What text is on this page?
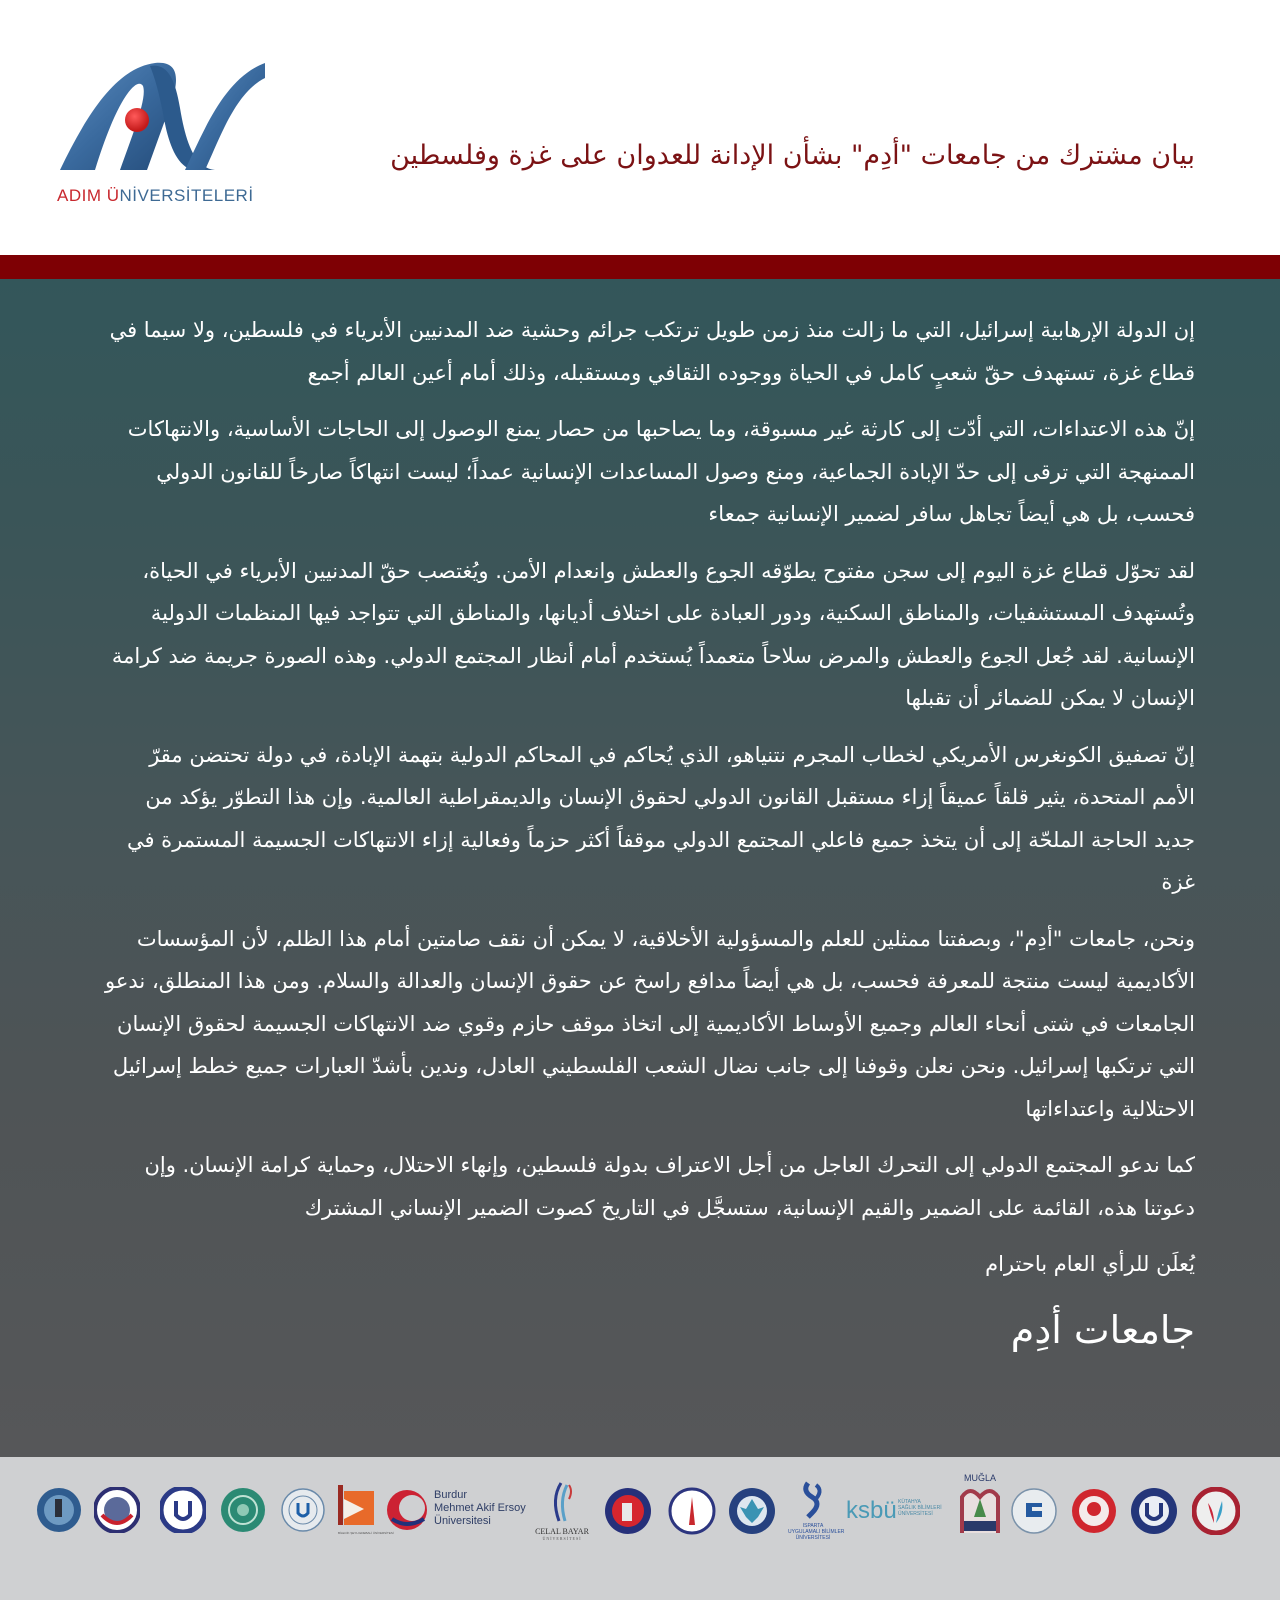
ADIM ÜNİVERSİTELERİ
بيان مشترك من جامعات "أدِم" بشأن الإدانة للعدوان على غزة وفلسطين

إن الدولة الإرهابية إسرائيل، التي ما زالت منذ زمن طويل ترتكب جرائم وحشية ضد المدنيين الأبرياء في فلسطين، ولا سيما في قطاع غزة، تستهدف حقّ شعبٍ كامل في الحياة ووجوده الثقافي ومستقبله، وذلك أمام أعين العالم أجمع

إنّ هذه الاعتداءات، التي أدّت إلى كارثة غير مسبوقة، وما يصاحبها من حصار يمنع الوصول إلى الحاجات الأساسية، والانتهاكات الممنهجة التي ترقى إلى حدّ الإبادة الجماعية، ومنع وصول المساعدات الإنسانية عمداً؛ ليست انتهاكاً صارخاً للقانون الدولي فحسب، بل هي أيضاً تجاهل سافر لضمير الإنسانية جمعاء

لقد تحوّل قطاع غزة اليوم إلى سجن مفتوح يطوّقه الجوع والعطش وانعدام الأمن. ويُغتصب حقّ المدنيين الأبرياء في الحياة، وتُستهدف المستشفيات، والمناطق السكنية، ودور العبادة على اختلاف أديانها، والمناطق التي تتواجد فيها المنظمات الدولية الإنسانية. لقد جُعل الجوع والعطش والمرض سلاحاً متعمداً يُستخدم أمام أنظار المجتمع الدولي. وهذه الصورة جريمة ضد كرامة الإنسان لا يمكن للضمائر أن تقبلها

إنّ تصفيق الكونغرس الأمريكي لخطاب المجرم نتنياهو، الذي يُحاكم في المحاكم الدولية بتهمة الإبادة، في دولة تحتضن مقرّ الأمم المتحدة، يثير قلقاً عميقاً إزاء مستقبل القانون الدولي لحقوق الإنسان والديمقراطية العالمية. وإن هذا التطوّر يؤكد من جديد الحاجة الملحّة إلى أن يتخذ جميع فاعلي المجتمع الدولي موقفاً أكثر حزماً وفعالية إزاء الانتهاكات الجسيمة المستمرة في غزة

ونحن، جامعات "أدِم"، وبصفتنا ممثلين للعلم والمسؤولية الأخلاقية، لا يمكن أن نقف صامتين أمام هذا الظلم، لأن المؤسسات الأكاديمية ليست منتجة للمعرفة فحسب، بل هي أيضاً مدافع راسخ عن حقوق الإنسان والعدالة والسلام. ومن هذا المنطلق، ندعو الجامعات في شتى أنحاء العالم وجميع الأوساط الأكاديمية إلى اتخاذ موقف حازم وقوي ضد الانتهاكات الجسيمة لحقوق الإنسان التي ترتكبها إسرائيل. ونحن نعلن وقوفنا إلى جانب نضال الشعب الفلسطيني العادل، وندين بأشدّ العبارات جميع خطط إسرائيل الاحتلالية واعتداءاتها

كما ندعو المجتمع الدولي إلى التحرك العاجل من أجل الاعتراف بدولة فلسطين، وإنهاء الاحتلال، وحماية كرامة الإنسان. وإن دعوتنا هذه، القائمة على الضمير والقيم الإنسانية، ستسجَّل في التاريخ كصوت الضمير الإنساني المشترك

يُعلَن للرأي العام باحترام

جامعات أدِم

BİLECİK ŞEYH EDEBALİ ÜNİVERSİTESİ
Burdur
Mehmet Akif Ersoy
Üniversitesi
CELAL BAYAR
ÜNİVERSİTESİ
ISPARTA
UYGULAMALI BİLİMLER
ÜNİVERSİTESİ
ksbü KÜTAHYA
SAĞLIK BİLİMLERİ
ÜNİVERSİTESİ
MUĞLA
